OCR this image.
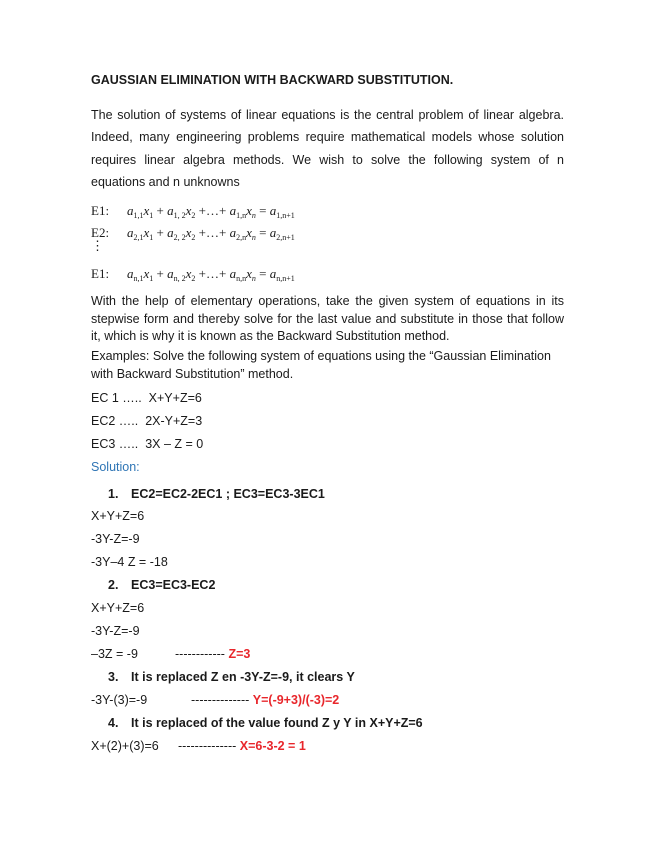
GAUSSIAN ELIMINATION WITH BACKWARD SUBSTITUTION.
The solution of systems of linear equations is the central problem of linear algebra. Indeed, many engineering problems require mathematical models whose solution requires linear algebra methods. We wish to solve the following system of n equations and n unknowns
E1: $a_{1,1}x_1 + a_{1, 2}x_2$ +…+ $a_{1,n}x_n = a_{1,n+1}$
E2: $a_{2,1}x_1 + a_{2, 2}x_2$ +…+ $a_{2,n}x_n = a_{2,n+1}$
⋮
E1: $a_{n,1}x_1 + a_{n, 2}x_2$ +…+ $a_{n,n}x_n = a_{n,n+1}$
With the help of elementary operations, take the given system of equations in its stepwise form and thereby solve for the last value and substitute in those that follow it, which is why it is known as the Backward Substitution method.
Examples: Solve the following system of equations using the “Gaussian Elimination with Backward Substitution” method.
EC 1 ….. X+Y+Z=6
EC2 ….. 2X-Y+Z=3
EC3 ….. 3X – Z = 0
Solution:
1. EC2=EC2-2EC1 ; EC3=EC3-3EC1
X+Y+Z=6
-3Y-Z=-9
-3Y–4 Z = -18
2. EC3=EC3-EC2
X+Y+Z=6
-3Y-Z=-9
–3Z = -9	------------ Z=3
3. It is replaced Z en -3Y-Z=-9, it clears Y
-3Y-(3)=-9	-------------- Y=(-9+3)/(-3)=2
4. It is replaced of the value found Z y Y in X+Y+Z=6
X+(2)+(3)=6 -------------- X=6-3-2 = 1
